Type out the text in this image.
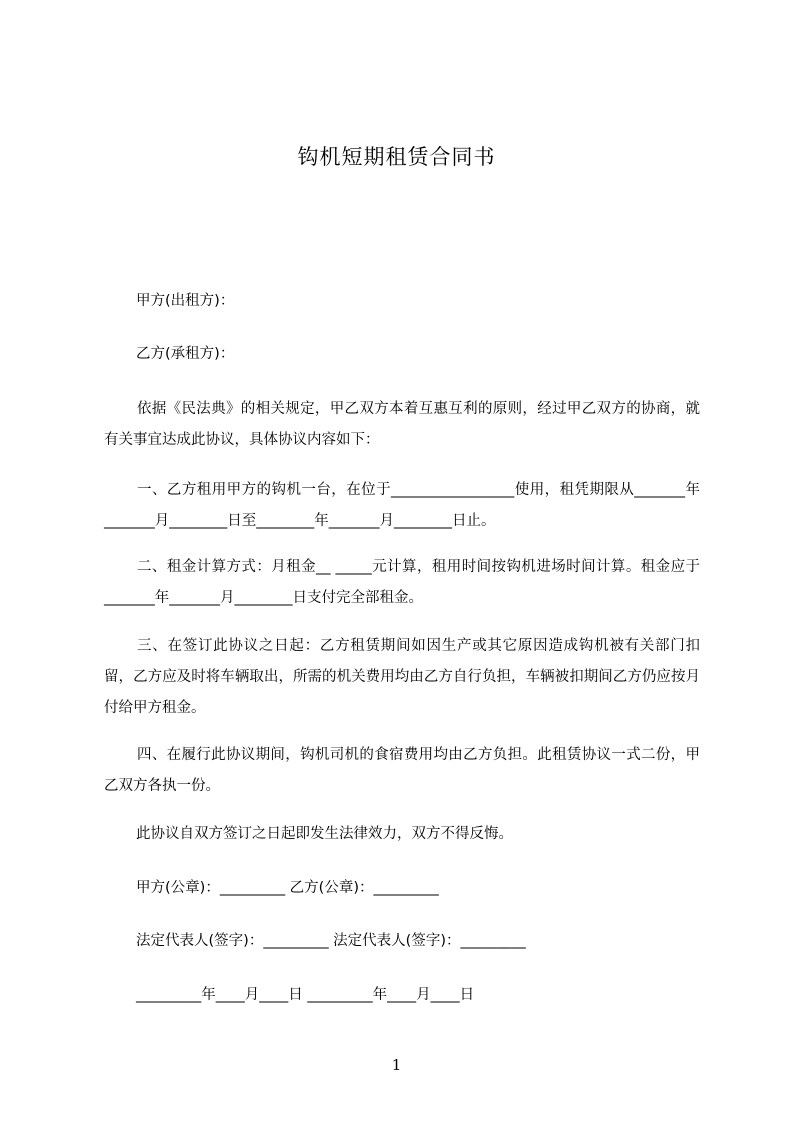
钩机短期租赁合同书
甲方(出租方)：
乙方(承租方)：
依据《民法典》的相关规定，甲乙双方本着互惠互利的原则，经过甲乙双方的协商，就有关事宜达成此协议，具体协议内容如下：
一、乙方租用甲方的钩机一台，在位于_________________使用，租凭期限从_______年_______月________日至________年_______月________日止。
二、租金计算方式：月租金__ _____元计算，租用时间按钩机进场时间计算。租金应于_______年_______月________日支付完全部租金。
三、在签订此协议之日起：乙方租赁期间如因生产或其它原因造成钩机被有关部门扣留，乙方应及时将车辆取出，所需的机关费用均由乙方自行负担，车辆被扣期间乙方仍应按月付给甲方租金。
四、在履行此协议期间，钩机司机的食宿费用均由乙方负担。此租赁协议一式二份，甲乙双方各执一份。
此协议自双方签订之日起即发生法律效力，双方不得反悔。
甲方(公章)：_________ 乙方(公章)：_________
法定代表人(签字)：_________ 法定代表人(签字)：_________
_________年____月____日 _________年____月____日
1
